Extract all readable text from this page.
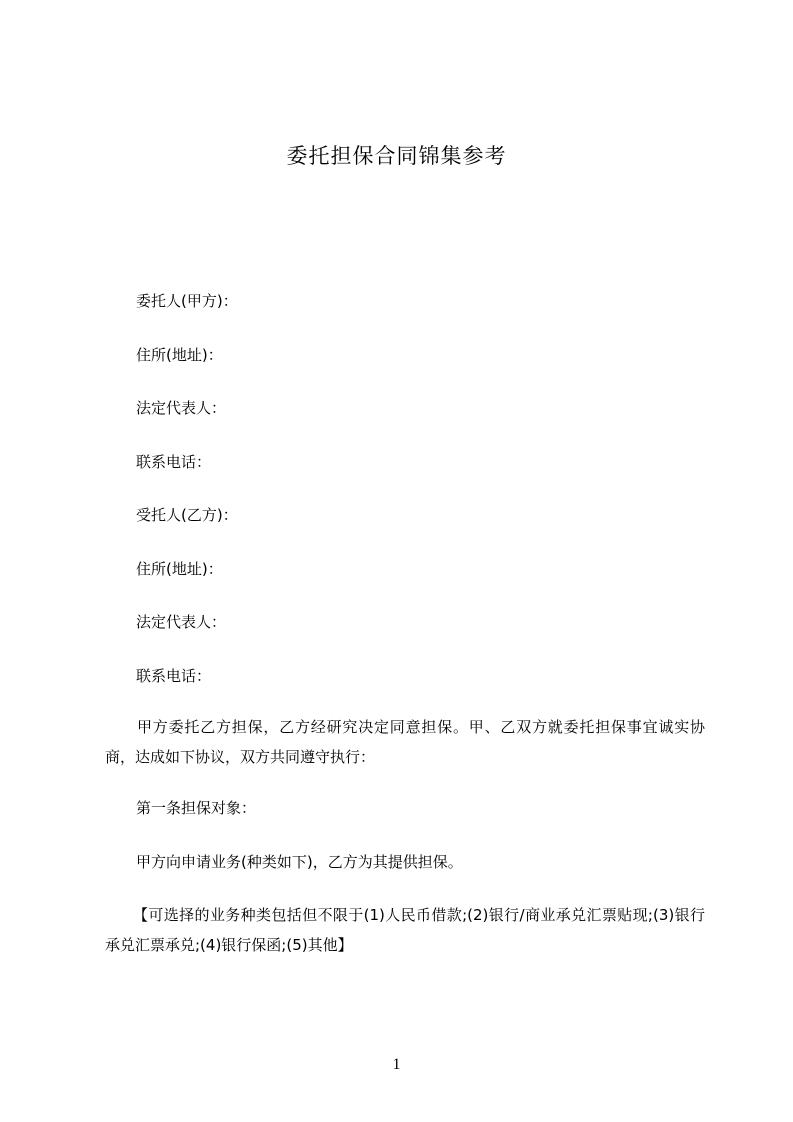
委托担保合同锦集参考
委托人(甲方)：
住所(地址)：
法定代表人：
联系电话：
受托人(乙方)：
住所(地址)：
法定代表人：
联系电话：
甲方委托乙方担保，乙方经研究决定同意担保。甲、乙双方就委托担保事宜诚实协商，达成如下协议，双方共同遵守执行：
第一条担保对象：
甲方向申请业务(种类如下)，乙方为其提供担保。
【可选择的业务种类包括但不限于(1)人民币借款;(2)银行/商业承兑汇票贴现;(3)银行承兑汇票承兑;(4)银行保函;(5)其他】
1
